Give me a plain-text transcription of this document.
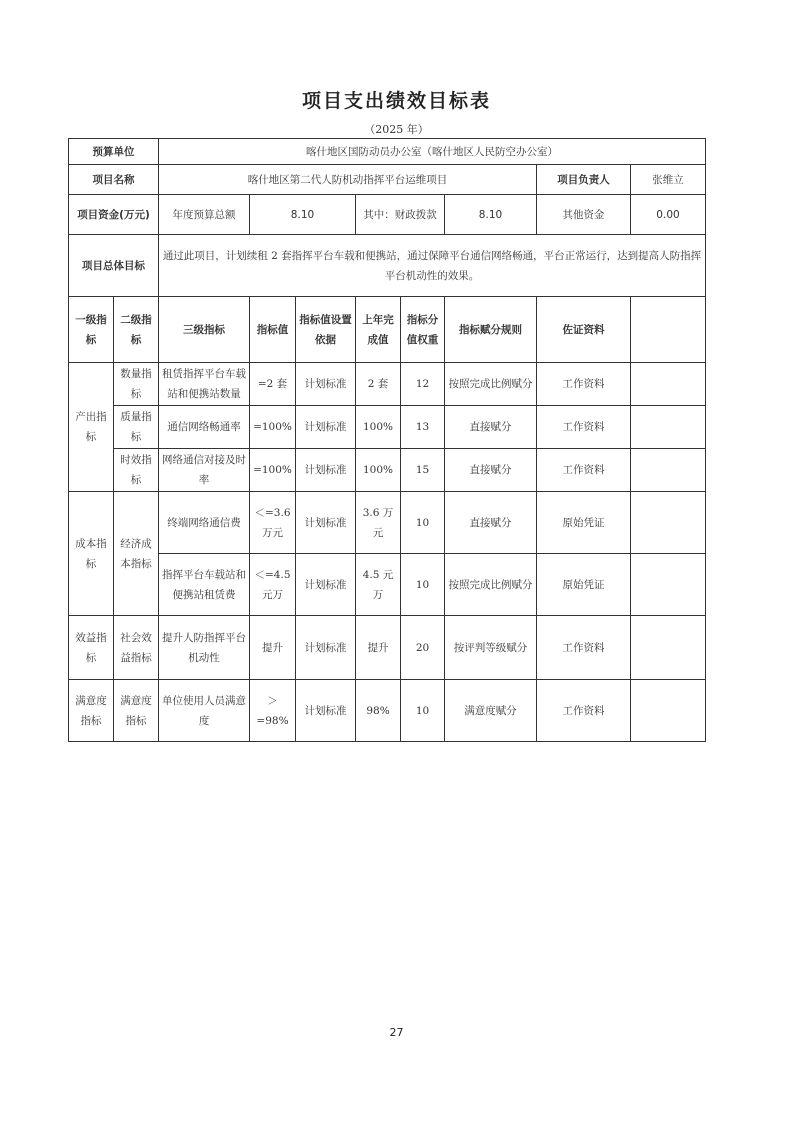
项目支出绩效目标表
（2025 年）
预算单位		喀什地区国防动员办公室（喀什地区人民防空办公室）							
项目名称		喀什地区第二代人防机动指挥平台运维项目						项目负责人	张维立
项目资金(万元)		年度预算总额	8.10		其中：财政拨款		8.10	其他资金	0.00
项目总体目标		通过此项目，计划续租 2 套指挥平台车载和便携站，通过保障平台通信网络畅通，平台正常运行，达到提高人防指挥平台机动性的效果。							
一级指标	二级指标	三级指标	指标值	指标值设置依据	上年完成值	指标分值权重	指标赋分规则	佐证资料	
产出指标	数量指标	租赁指挥平台车载站和便携站数量	=2 套	计划标准	2 套	12	按照完成比例赋分	工作资料	
	质量指标	通信网络畅通率	=100%	计划标准	100%	13	直接赋分	工作资料	
	时效指标	网络通信对接及时率	=100%	计划标准	100%	15	直接赋分	工作资料	
成本指标	经济成本指标	终端网络通信费	＜=3.6 万元	计划标准	3.6 万元	10	直接赋分	原始凭证	
		指挥平台车载站和便携站租赁费	＜=4.5 元万	计划标准	4.5 元万	10	按照完成比例赋分	原始凭证	
效益指标	社会效益指标	提升人防指挥平台机动性	提升	计划标准	提升	20	按评判等级赋分	工作资料	
满意度指标	满意度指标	单位使用人员满意度	＞=98%	计划标准	98%	10	满意度赋分	工作资料	
27
